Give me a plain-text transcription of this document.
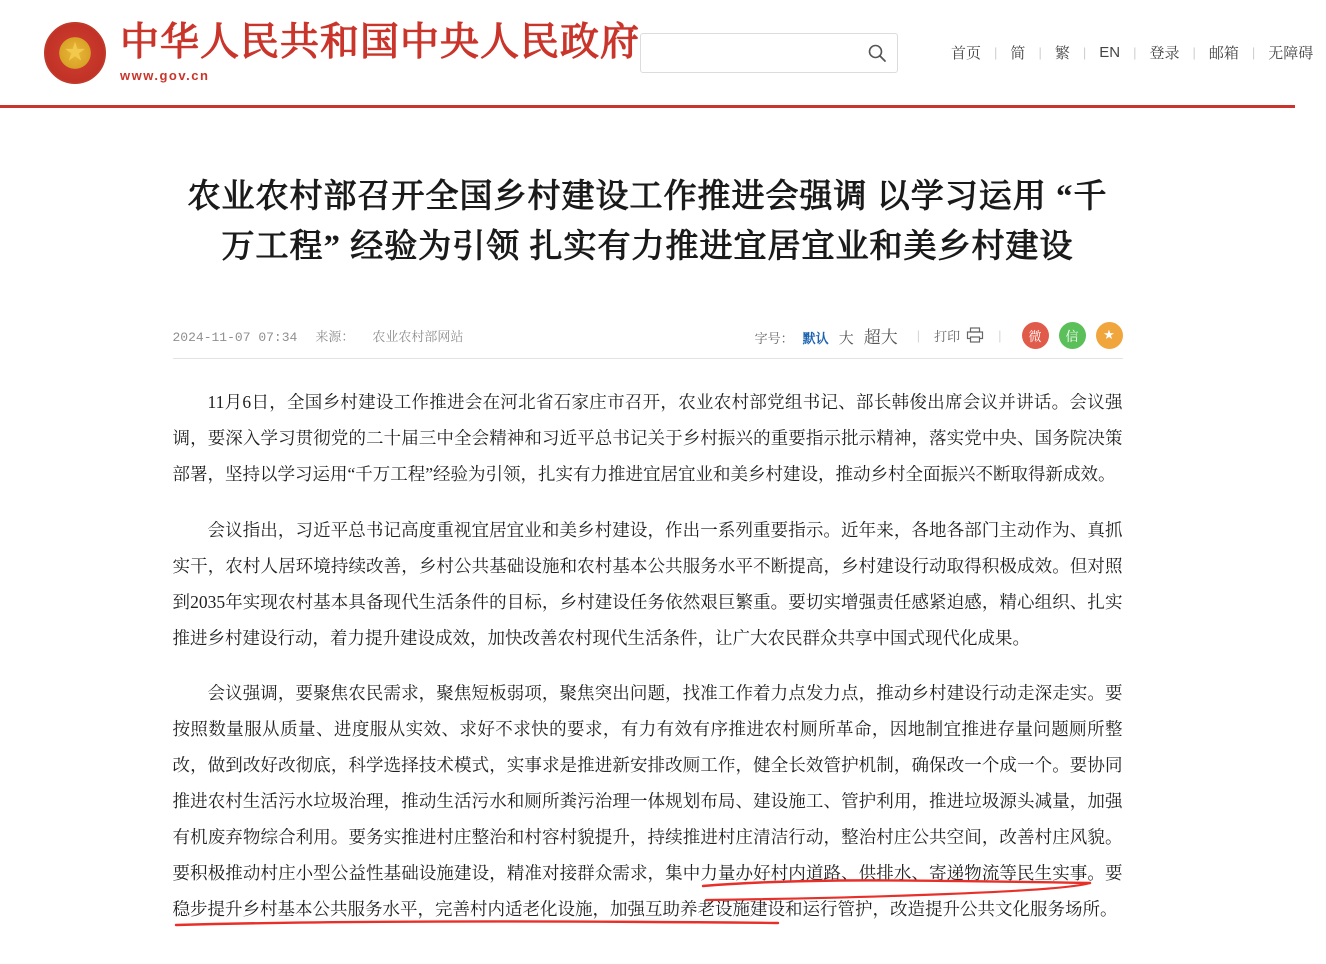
★
中华人民共和国中央人民政府
www.gov.cn
首页	| 简	| 繁	| EN	| 登录	| 邮箱	| 无障碍
农业农村部召开全国乡村建设工作推进会强调 以学习运用 “千万工程” 经验为引领 扎实有力推进宜居宜业和美乡村建设
2024-11-07 07:34 来源： 农业农村部网站	字号： 默认 大 超大	| 打印	|	微	信	★

11月6日，全国乡村建设工作推进会在河北省石家庄市召开，农业农村部党组书记、部长韩俊出席会议并讲话。会议强调，要深入学习贯彻党的二十届三中全会精神和习近平总书记关于乡村振兴的重要指示批示精神，落实党中央、国务院决策部署，坚持以学习运用“千万工程”经验为引领，扎实有力推进宜居宜业和美乡村建设，推动乡村全面振兴不断取得新成效。

会议指出，习近平总书记高度重视宜居宜业和美乡村建设，作出一系列重要指示。近年来，各地各部门主动作为、真抓实干，农村人居环境持续改善，乡村公共基础设施和农村基本公共服务水平不断提高，乡村建设行动取得积极成效。但对照到2035年实现农村基本具备现代生活条件的目标，乡村建设任务依然艰巨繁重。要切实增强责任感紧迫感，精心组织、扎实推进乡村建设行动，着力提升建设成效，加快改善农村现代生活条件，让广大农民群众共享中国式现代化成果。

会议强调，要聚焦农民需求，聚焦短板弱项，聚焦突出问题，找准工作着力点发力点，推动乡村建设行动走深走实。要按照数量服从质量、进度服从实效、求好不求快的要求，有力有效有序推进农村厕所革命，因地制宜推进存量问题厕所整改，做到改好改彻底，科学选择技术模式，实事求是推进新安排改厕工作，健全长效管护机制，确保改一个成一个。要协同推进农村生活污水垃圾治理，推动生活污水和厕所粪污治理一体规划布局、建设施工、管护利用，推进垃圾源头减量，加强有机废弃物综合利用。要务实推进村庄整治和村容村貌提升，持续推进村庄清洁行动，整治村庄公共空间，改善村庄风貌。要积极推动村庄小型公益性基础设施建设，精准对接群众需求，集中力量办好村内道路、供排水、寄递物流等民生实事。要稳步提升乡村基本公共服务水平，完善村内适老化设施，加强互助养老设施建设和运行管护，改造提升公共文化服务场所。
